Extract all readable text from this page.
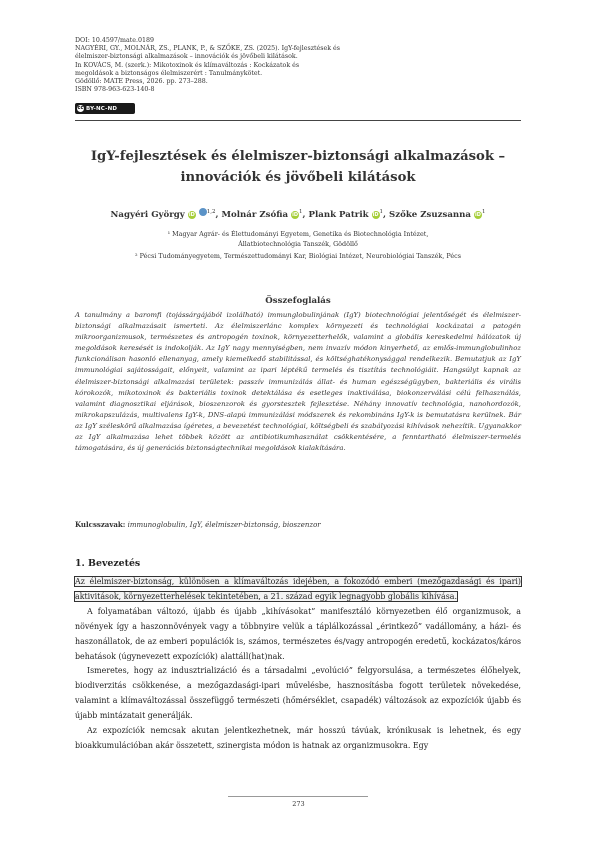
DOI: 10.4597/mate.0189
NAGYÉRI, GY., MOLNÁR, ZS., PLANK, P., & SZŐKE, ZS. (2025). IgY-fejlesztések és
élelmiszer-biztonsági alkalmazások – innovációk és jövőbeli kilátások.
In KOVÁCS, M. (szerk.): Mikotoxinok és klímaváltozás : Kockázatok és
megoldások a biztonságos élelmiszerért : Tanulmánykötet.
Gödöllő: MATE Press, 2026. pp. 273–288.
ISBN 978-963-623-140-8
cc BY-NC-ND
IgY-fejlesztések és élelmiszer-biztonsági alkalmazások –
innovációk és jövőbeli kilátások
Nagyéri György iD $^{1,2}$, Molnár Zsófia $iD^1$, Plank Patrik $iD^1$, Szőke Zsuzsanna $iD^1$
¹ Magyar Agrár- és Élettudományi Egyetem, Genetika és Biotechnológia Intézet,
Állatbiotechnológia Tanszék, Gödöllő
² Pécsi Tudományegyetem, Természettudományi Kar, Biológiai Intézet, Neurobiológiai Tanszék, Pécs
Összefoglalás
A tanulmány a baromfi (tojássárgájából izolálható) immunglobulinjának (IgY) biotechnológiai jelentőségét és élelmiszer-biztonsági alkalmazásait ismerteti. Az élelmiszerlánc komplex környezeti és technológiai kockázatai a patogén mikroorganizmusok, természetes és antropogén toxinok, környezetterhelők, valamint a globális kereskedelmi hálózatok új megoldások keresését is indokolják. Az IgY nagy mennyiségben, nem invazív módon kinyerhető, az emlős-immunglobulinhoz funkcionálisan hasonló ellenanyag, amely kiemelkedő stabilitással, és költséghatékonysággal rendelkezik. Bemutatjuk az IgY immunológiai sajátosságait, előnyeit, valamint az ipari léptékű termelés és tisztítás technológiáit. Hangsúlyt kapnak az élelmiszer-biztonsági alkalmazási területek: passzív immunizálás állat- és human egészségügyben, bakteriális és virális kórokozók, mikotoxinok és bakteriális toxinok detektálása és esetleges inaktiválása, biokonzerválási célú felhasználás, valamint diagnosztikai eljárások, bioszenzorok és gyorstesztek fejlesztése. Néhány innovatív technológia, nanohordozók, mikrokapszulázás, multivalens IgY-k, DNS-alapú immunizálási módszerek és rekombináns IgY-k is bemutatásra kerülnek. Bár az IgY széleskörű alkalmazása ígéretes, a bevezetést technológiai, költségbeli és szabályozási kihívások nehezítik. Ugyanakkor az IgY alkalmazása lehet többek között az antibiotikumhasználat csökkentésére, a fenntartható élelmiszer-termelés támogatására, és új generációs biztonságtechnikai megoldások kialakítására.
Kulcsszavak: immunoglobulin, IgY, élelmiszer-biztonság, bioszenzor
1. Bevezetés

Az élelmiszer-biztonság, különösen a klímaváltozás idejében, a fokozódó emberi (mezőgazdasági és ipari) aktivitások, környezetterhelések tekintetében, a 21. század egyik legnagyobb globális kihívása.

A folyamatában változó, újabb és újabb „kihívásokat” manifesztáló környezetben élő organizmusok, a növények így a haszonnövények vagy a többnyire velük a táplálkozással „érintkező” vadállomány, a házi- és haszonállatok, de az emberi populációk is, számos, természetes és/vagy antropogén eredetű, kockázatos/káros behatások (úgynevezett expozíciók) alattáll(hat)nak.

Ismeretes, hogy az indusztrializáció és a társadalmi „evolúció” felgyorsulása, a természetes élőhelyek, biodiverzitás csökkenése, a mezőgazdasági-ipari művelésbe, hasznosításba fogott területek növekedése, valamint a klímaváltozással összefüggő természeti (hőmérséklet, csapadék) változások az expozíciók újabb és újabb mintázatait generálják.

Az expozíciók nemcsak akutan jelentkezhetnek, már hosszú távúak, krónikusak is lehetnek, és egy bioakkumulációban akár összetett, szinergista módon is hatnak az organizmusokra. Egy

273
